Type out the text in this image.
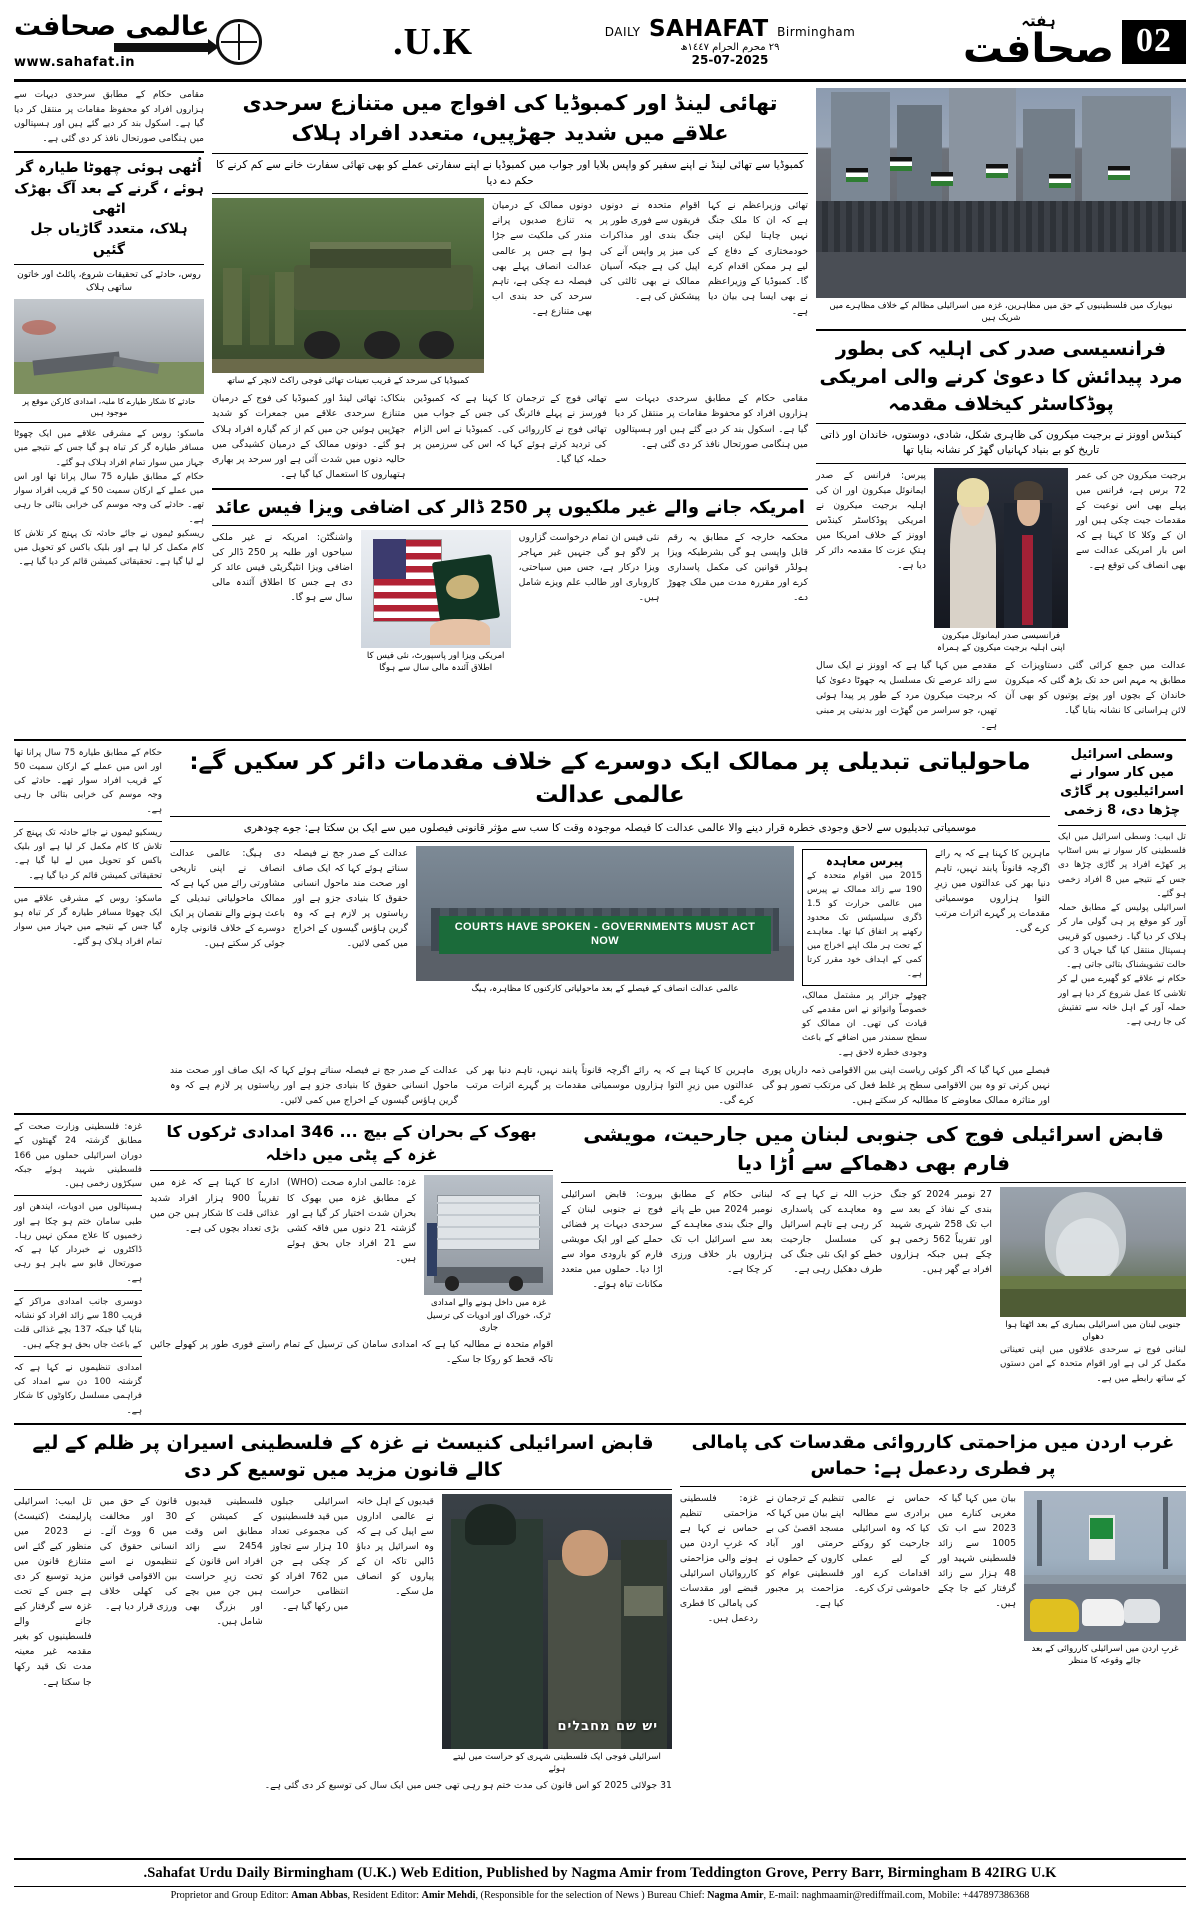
02
ہفتہ
صحافت
DAILY SAHAFAT Birmingham
٢٩ محرم الحرام ١٤٤٧ھ
25-07-2025
U.K.
عالمی صحافت
www.sahafat.in
نیویارک میں فلسطینیوں کے حق میں مظاہرین، غزہ میں اسرائیلی مظالم کے خلاف مظاہرے میں شریک ہیں
فرانسیسی صدر کی اہلیہ کی بطور مرد پیدائش کا دعویٰ کرنے والی امریکی پوڈکاسٹر کیخلاف مقدمہ
کینڈس اوونز نے برجیت میکرون کی ظاہری شکل، شادی، دوستوں، خاندان اور ذاتی تاریخ کو بے بنیاد کہانیاں گھڑ کر نشانہ بنایا تھا
برجیت میکرون جن کی عمر 72 برس ہے، فرانس میں پہلے بھی اس نوعیت کے مقدمات جیت چکی ہیں اور ان کے وکلا کا کہنا ہے کہ اس بار امریکی عدالت سے بھی انصاف کی توقع ہے۔
فرانسیسی صدر ایمانوئل میکرون اپنی اہلیہ برجیت میکرون کے ہمراہ
پیرس: فرانس کے صدر ایمانوئل میکرون اور ان کی اہلیہ برجیت میکرون نے امریکی پوڈکاسٹر کینڈس اوونز کے خلاف امریکا میں ہتکِ عزت کا مقدمہ دائر کر دیا ہے۔
عدالت میں جمع کرائی گئی دستاویزات کے مطابق یہ مہم اس حد تک بڑھ گئی کہ میکرون خاندان کے بچوں اور پوتے پوتیوں کو بھی آن لائن ہراسانی کا نشانہ بنایا گیا۔
مقدمے میں کہا گیا ہے کہ اوونز نے ایک سال سے زائد عرصے تک مسلسل یہ جھوٹا دعویٰ کیا کہ برجیت میکرون مرد کے طور پر پیدا ہوئی تھیں، جو سراسر من گھڑت اور بدنیتی پر مبنی ہے۔
تھائی لینڈ اور کمبوڈیا کی افواج میں متنازع سرحدی علاقے میں شدید جھڑپیں، متعدد افراد ہلاک
کمبوڈیا سے تھائی لینڈ نے اپنے سفیر کو واپس بلایا اور جواب میں کمبوڈیا نے اپنے سفارتی عملے کو بھی تھائی سفارت خانے سے کم کرنے کا حکم دے دیا
تھائی وزیراعظم نے کہا ہے کہ ان کا ملک جنگ نہیں چاہتا لیکن اپنی خودمختاری کے دفاع کے لیے ہر ممکن اقدام کرے گا۔ کمبوڈیا کے وزیراعظم نے بھی ایسا ہی بیان دیا ہے۔
اقوام متحدہ نے دونوں فریقوں سے فوری طور پر جنگ بندی اور مذاکرات کی میز پر واپس آنے کی اپیل کی ہے جبکہ آسیان ممالک نے بھی ثالثی کی پیشکش کی ہے۔
دونوں ممالک کے درمیان یہ تنازع صدیوں پرانے مندر کی ملکیت سے جڑا ہوا ہے جس پر عالمی عدالت انصاف پہلے بھی فیصلہ دے چکی ہے، تاہم سرحد کی حد بندی اب بھی متنازع ہے۔
کمبوڈیا کی سرحد کے قریب تعینات تھائی فوجی راکٹ لانچر کے ساتھ
مقامی حکام کے مطابق سرحدی دیہات سے ہزاروں افراد کو محفوظ مقامات پر منتقل کر دیا گیا ہے۔ اسکول بند کر دیے گئے ہیں اور ہسپتالوں میں ہنگامی صورتحال نافذ کر دی گئی ہے۔
تھائی فوج کے ترجمان کا کہنا ہے کہ کمبوڈین فورسز نے پہلے فائرنگ کی جس کے جواب میں تھائی فوج نے کارروائی کی۔ کمبوڈیا نے اس الزام کی تردید کرتے ہوئے کہا کہ اس کی سرزمین پر حملہ کیا گیا۔
بنکاک: تھائی لینڈ اور کمبوڈیا کی فوج کے درمیان متنازع سرحدی علاقے میں جمعرات کو شدید جھڑپیں ہوئیں جن میں کم از کم گیارہ افراد ہلاک ہو گئے۔ دونوں ممالک کے درمیان کشیدگی میں حالیہ دنوں میں شدت آئی ہے اور سرحد پر بھاری ہتھیاروں کا استعمال کیا گیا ہے۔
امریکہ جانے والے غیر ملکیوں پر 250 ڈالر کی اضافی ویزا فیس عائد
محکمہ خارجہ کے مطابق یہ رقم قابل واپسی ہو گی بشرطیکہ ویزا ہولڈر قوانین کی مکمل پاسداری کرے اور مقررہ مدت میں ملک چھوڑ دے۔
نئی فیس ان تمام درخواست گزاروں پر لاگو ہو گی جنہیں غیر مہاجر ویزا درکار ہے، جس میں سیاحتی، کاروباری اور طالب علم ویزے شامل ہیں۔
امریکی ویزا اور پاسپورٹ، نئی فیس کا اطلاق آئندہ مالی سال سے ہوگا
واشنگٹن: امریکہ نے غیر ملکی سیاحوں اور طلبہ پر 250 ڈالر کی اضافی ویزا انٹیگریٹی فیس عائد کر دی ہے جس کا اطلاق آئندہ مالی سال سے ہو گا۔
مقامی حکام کے مطابق سرحدی دیہات سے ہزاروں افراد کو محفوظ مقامات پر منتقل کر دیا گیا ہے۔ اسکول بند کر دیے گئے ہیں اور ہسپتالوں میں ہنگامی صورتحال نافذ کر دی گئی ہے۔
اُٹھی ہوئی چھوٹا طیارہ گر ہوئے ، گرنے کے بعد آگ بھڑک اٹھی
ہلاک، متعدد گاڑیاں جل گئیں
روس، حادثے کی تحقیقات شروع، پائلٹ اور خاتون ساتھی ہلاک
حادثے کا شکار طیارے کا ملبہ، امدادی کارکن موقع پر موجود ہیں
ماسکو: روس کے مشرقی علاقے میں ایک چھوٹا مسافر طیارہ گر کر تباہ ہو گیا جس کے نتیجے میں جہاز میں سوار تمام افراد ہلاک ہو گئے۔
حکام کے مطابق طیارہ 75 سال پرانا تھا اور اس میں عملے کے ارکان سمیت 50 کے قریب افراد سوار تھے۔ حادثے کی وجہ موسم کی خرابی بتائی جا رہی ہے۔
ریسکیو ٹیموں نے جائے حادثہ تک پہنچ کر تلاش کا کام مکمل کر لیا ہے اور بلیک باکس کو تحویل میں لے لیا گیا ہے۔ تحقیقاتی کمیشن قائم کر دیا گیا ہے۔
وسطی اسرائیل میں کار سوار نے اسرائیلیوں پر گاڑی چڑھا دی، 8 زخمی
تل ابیب: وسطی اسرائیل میں ایک فلسطینی کار سوار نے بس اسٹاپ پر کھڑے افراد پر گاڑی چڑھا دی جس کے نتیجے میں 8 افراد زخمی ہو گئے۔
اسرائیلی پولیس کے مطابق حملہ آور کو موقع پر ہی گولی مار کر ہلاک کر دیا گیا۔ زخمیوں کو قریبی ہسپتال منتقل کیا گیا جہاں 3 کی حالت تشویشناک بتائی جاتی ہے۔
حکام نے علاقے کو گھیرے میں لے کر تلاشی کا عمل شروع کر دیا ہے اور حملہ آور کے اہل خانہ سے تفتیش کی جا رہی ہے۔
ماحولیاتی تبدیلی پر ممالک ایک دوسرے کے خلاف مقدمات دائر کر سکیں گے: عالمی عدالت
موسمیاتی تبدیلیوں سے لاحق وجودی خطرہ قرار دینے والا عالمی عدالت کا فیصلہ موجودہ وقت کا سب سے مؤثر قانونی فیصلوں میں سے ایک بن سکتا ہے: جوے چودھری
ماہرین کا کہنا ہے کہ یہ رائے اگرچہ قانوناً پابند نہیں، تاہم دنیا بھر کی عدالتوں میں زیرِ التوا ہزاروں موسمیاتی مقدمات پر گہرے اثرات مرتب کرے گی۔
پیرس معاہدہ
2015 میں اقوام متحدہ کے 190 سے زائد ممالک نے پیرس میں عالمی حرارت کو 1.5 ڈگری سیلسیئس تک محدود رکھنے پر اتفاق کیا تھا۔ معاہدے کے تحت ہر ملک اپنے اخراج میں کمی کے اہداف خود مقرر کرتا ہے۔
چھوٹے جزائر پر مشتمل ممالک، خصوصاً وانواتو نے اس مقدمے کی قیادت کی تھی۔ ان ممالک کو سطح سمندر میں اضافے کے باعث وجودی خطرہ لاحق ہے۔
COURTS HAVE SPOKEN - GOVERNMENTS MUST ACT NOW
عالمی عدالت انصاف کے فیصلے کے بعد ماحولیاتی کارکنوں کا مظاہرہ، ہیگ
عدالت کے صدر جج نے فیصلہ سناتے ہوئے کہا کہ ایک صاف اور صحت مند ماحول انسانی حقوق کا بنیادی جزو ہے اور ریاستوں پر لازم ہے کہ وہ گرین ہاؤس گیسوں کے اخراج میں کمی لائیں۔
دی ہیگ: عالمی عدالت انصاف نے اپنی تاریخی مشاورتی رائے میں کہا ہے کہ ممالک ماحولیاتی تبدیلی کے باعث ہونے والے نقصان پر ایک دوسرے کے خلاف قانونی چارہ جوئی کر سکتے ہیں۔
فیصلے میں کہا گیا کہ اگر کوئی ریاست اپنی بین الاقوامی ذمہ داریاں پوری نہیں کرتی تو وہ بین الاقوامی سطح پر غلط فعل کی مرتکب تصور ہو گی اور متاثرہ ممالک معاوضے کا مطالبہ کر سکتے ہیں۔
ماہرین کا کہنا ہے کہ یہ رائے اگرچہ قانوناً پابند نہیں، تاہم دنیا بھر کی عدالتوں میں زیرِ التوا ہزاروں موسمیاتی مقدمات پر گہرے اثرات مرتب کرے گی۔
عدالت کے صدر جج نے فیصلہ سناتے ہوئے کہا کہ ایک صاف اور صحت مند ماحول انسانی حقوق کا بنیادی جزو ہے اور ریاستوں پر لازم ہے کہ وہ گرین ہاؤس گیسوں کے اخراج میں کمی لائیں۔
حکام کے مطابق طیارہ 75 سال پرانا تھا اور اس میں عملے کے ارکان سمیت 50 کے قریب افراد سوار تھے۔ حادثے کی وجہ موسم کی خرابی بتائی جا رہی ہے۔
ریسکیو ٹیموں نے جائے حادثہ تک پہنچ کر تلاش کا کام مکمل کر لیا ہے اور بلیک باکس کو تحویل میں لے لیا گیا ہے۔ تحقیقاتی کمیشن قائم کر دیا گیا ہے۔
ماسکو: روس کے مشرقی علاقے میں ایک چھوٹا مسافر طیارہ گر کر تباہ ہو گیا جس کے نتیجے میں جہاز میں سوار تمام افراد ہلاک ہو گئے۔
قابض اسرائیلی فوج کی جنوبی لبنان میں جارحیت، مویشی فارم بھی دھماکے سے اُڑا دیا
جنوبی لبنان میں اسرائیلی بمباری کے بعد اٹھتا ہوا دھواں
لبنانی فوج نے سرحدی علاقوں میں اپنی تعیناتی مکمل کر لی ہے اور اقوام متحدہ کے امن دستوں کے ساتھ رابطے میں ہے۔
27 نومبر 2024 کو جنگ بندی کے نفاذ کے بعد سے اب تک 258 شہری شہید اور تقریباً 562 زخمی ہو چکے ہیں جبکہ ہزاروں افراد بے گھر ہیں۔
حزب اللہ نے کہا ہے کہ وہ معاہدے کی پاسداری کر رہی ہے تاہم اسرائیل کی مسلسل جارحیت خطے کو ایک نئی جنگ کی طرف دھکیل رہی ہے۔
لبنانی حکام کے مطابق نومبر 2024 میں طے پانے والے جنگ بندی معاہدے کے بعد سے اسرائیل اب تک ہزاروں بار خلاف ورزی کر چکا ہے۔
بیروت: قابض اسرائیلی فوج نے جنوبی لبنان کے سرحدی دیہات پر فضائی حملے کیے اور ایک مویشی فارم کو بارودی مواد سے اڑا دیا۔ حملوں میں متعدد مکانات تباہ ہوئے۔
بھوک کے بحران کے بیچ ... 346 امدادی ٹرکوں کا غزہ کے پٹی میں داخلہ
غزہ میں داخل ہونے والے امدادی ٹرک، خوراک اور ادویات کی ترسیل جاری
غزہ: عالمی ادارہ صحت (WHO) کے مطابق غزہ میں بھوک کا بحران شدت اختیار کر گیا ہے اور گزشتہ 21 دنوں میں فاقہ کشی سے 21 افراد جاں بحق ہوئے ہیں۔
ادارے کا کہنا ہے کہ غزہ میں تقریباً 900 ہزار افراد شدید غذائی قلت کا شکار ہیں جن میں بڑی تعداد بچوں کی ہے۔
اقوام متحدہ نے مطالبہ کیا ہے کہ امدادی سامان کی ترسیل کے تمام راستے فوری طور پر کھولے جائیں تاکہ قحط کو روکا جا سکے۔
غزہ: فلسطینی وزارت صحت کے مطابق گزشتہ 24 گھنٹوں کے دوران اسرائیلی حملوں میں 166 فلسطینی شہید ہوئے جبکہ سیکڑوں زخمی ہیں۔
ہسپتالوں میں ادویات، ایندھن اور طبی سامان ختم ہو چکا ہے اور زخمیوں کا علاج ممکن نہیں رہا۔ ڈاکٹروں نے خبردار کیا ہے کہ صورتحال قابو سے باہر ہو رہی ہے۔
دوسری جانب امدادی مراکز کے قریب 180 سے زائد افراد کو نشانہ بنایا گیا جبکہ 137 بچے غذائی قلت کے باعث جاں بحق ہو چکے ہیں۔
امدادی تنظیموں نے کہا ہے کہ گزشتہ 100 دن سے امداد کی فراہمی مسلسل رکاوٹوں کا شکار ہے۔
غرب اردن میں مزاحمتی کارروائی مقدسات کی پامالی پر فطری ردعمل ہے: حماس
غربِ اردن میں اسرائیلی کارروائی کے بعد جائے وقوعہ کا منظر
بیان میں کہا گیا کہ مغربی کنارے میں 2023 سے اب تک 1005 سے زائد فلسطینی شہید اور 48 ہزار سے زائد گرفتار کیے جا چکے ہیں۔
حماس نے عالمی برادری سے مطالبہ کیا کہ وہ اسرائیلی جارحیت کو روکنے کے لیے عملی اقدامات کرے اور خاموشی ترک کرے۔
تنظیم کے ترجمان نے اپنے بیان میں کہا کہ مسجد اقصیٰ کی بے حرمتی اور آباد کاروں کے حملوں نے فلسطینی عوام کو مزاحمت پر مجبور کیا ہے۔
غزہ: فلسطینی مزاحمتی تنظیم حماس نے کہا ہے کہ غربِ اردن میں ہونے والی مزاحمتی کارروائیاں اسرائیلی قبضے اور مقدسات کی پامالی کا فطری ردعمل ہیں۔
قابض اسرائیلی کنیسٹ نے غزہ کے فلسطینی اسیران پر ظلم کے لیے کالے قانون مزید میں توسیع کر دی
יש שם מחבלים
اسرائیلی فوجی ایک فلسطینی شہری کو حراست میں لیتے ہوئے
قیدیوں کے اہل خانہ نے عالمی اداروں سے اپیل کی ہے کہ وہ اسرائیل پر دباؤ ڈالیں تاکہ ان کے پیاروں کو انصاف مل سکے۔
اسرائیلی جیلوں میں قید فلسطینیوں کی مجموعی تعداد 10 ہزار سے تجاوز کر چکی ہے جن میں 762 افراد کو انتظامی حراست میں رکھا گیا ہے۔
فلسطینی قیدیوں کے کمیشن کے مطابق اس وقت 2454 سے زائد افراد اس قانون کے تحت زیرِ حراست ہیں جن میں بچے اور بزرگ بھی شامل ہیں۔
قانون کے حق میں 30 اور مخالفت میں 6 ووٹ آئے۔ انسانی حقوق کی تنظیموں نے اسے بین الاقوامی قوانین کی کھلی خلاف ورزی قرار دیا ہے۔
تل ابیب: اسرائیلی پارلیمنٹ (کنیسٹ) نے 2023 میں منظور کیے گئے اس متنازع قانون میں مزید توسیع کر دی ہے جس کے تحت غزہ سے گرفتار کیے جانے والے فلسطینیوں کو بغیر مقدمہ غیر معینہ مدت تک قید رکھا جا سکتا ہے۔
31 جولائی 2025 کو اس قانون کی مدت ختم ہو رہی تھی جس میں ایک سال کی توسیع کر دی گئی ہے۔
Sahafat Urdu Daily Birmingham (U.K.) Web Edition, Published by Nagma Amir from Teddington Grove, Perry Barr, Birmingham B 42IRG U.K.
Proprietor and Group Editor: Aman Abbas, Resident Editor: Amir Mehdi, (Responsible for the selection of News ) Bureau Chief: Nagma Amir, E-mail: naghmaamir@rediffmail.com, Mobile: +447897386368
